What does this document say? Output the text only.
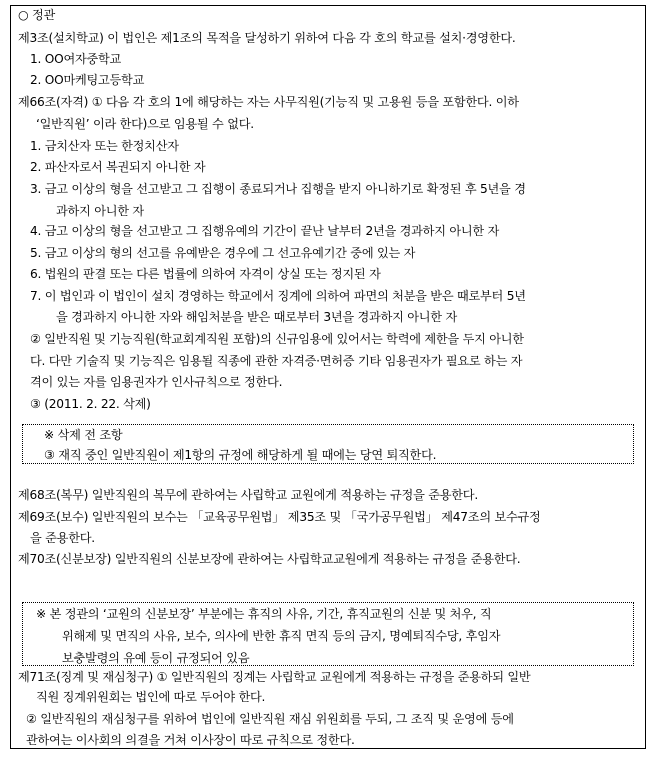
○ 정관
제3조(설치학교) 이 법인은 제1조의 목적을 달성하기 위하여 다음 각 호의 학교를 설치·경영한다.
1. OO여자중학교
2. OO마케팅고등학교
제66조(자격) ① 다음 각 호의 1에 해당하는 자는 사무직원(기능직 및 고용원 등을 포함한다. 이하
‘일반직원’ 이라 한다)으로 임용될 수 없다.
1. 금치산자 또는 한정치산자
2. 파산자로서 복권되지 아니한 자
3. 금고 이상의 형을 선고받고 그 집행이 종료되거나 집행을 받지 아니하기로 확정된 후 5년을 경
과하지 아니한 자
4. 금고 이상의 형을 선고받고 그 집행유예의 기간이 끝난 날부터 2년을 경과하지 아니한 자
5. 금고 이상의 형의 선고를 유예받은 경우에 그 선고유예기간 중에 있는 자
6. 법원의 판결 또는 다른 법률에 의하여 자격이 상실 또는 정지된 자
7. 이 법인과 이 법인이 설치 경영하는 학교에서 징계에 의하여 파면의 처분을 받은 때로부터 5년
을 경과하지 아니한 자와 해임처분을 받은 때로부터 3년을 경과하지 아니한 자
② 일반직원 및 기능직원(학교회계직원 포함)의 신규임용에 있어서는 학력에 제한을 두지 아니한
다. 다만 기술직 및 기능직은 임용될 직종에 관한 자격증·면허증 기타 임용권자가 필요로 하는 자
격이 있는 자를 임용권자가 인사규칙으로 정한다.
③ (2011. 2. 22. 삭제)
※ 삭제 전 조항
③ 재직 중인 일반직원이 제1항의 규정에 해당하게 될 때에는 당연 퇴직한다.
제68조(복무) 일반직원의 복무에 관하여는 사립학교 교원에게 적용하는 규정을 준용한다.
제69조(보수) 일반직원의 보수는 「교육공무원법」 제35조 및 「국가공무원법」 제47조의 보수규정
을 준용한다.
제70조(신분보장) 일반직원의 신분보장에 관하여는 사립학교교원에게 적용하는 규정을 준용한다.
※ 본 정관의 ‘교원의 신분보장’ 부분에는 휴직의 사유, 기간, 휴직교원의 신분 및 처우, 직
위해제 및 면직의 사유, 보수, 의사에 반한 휴직 면직 등의 금지, 명예퇴직수당, 후임자
보충발령의 유예 등이 규정되어 있음
제71조(징계 및 재심청구) ① 일반직원의 징계는 사립학교 교원에게 적용하는 규정을 준용하되 일반
직원 징계위원회는 법인에 따로 두어야 한다.
② 일반직원의 재심청구를 위하여 법인에 일반직원 재심 위원회를 두되, 그 조직 및 운영에 등에
관하여는 이사회의 의결을 거쳐 이사장이 따로 규칙으로 정한다.
